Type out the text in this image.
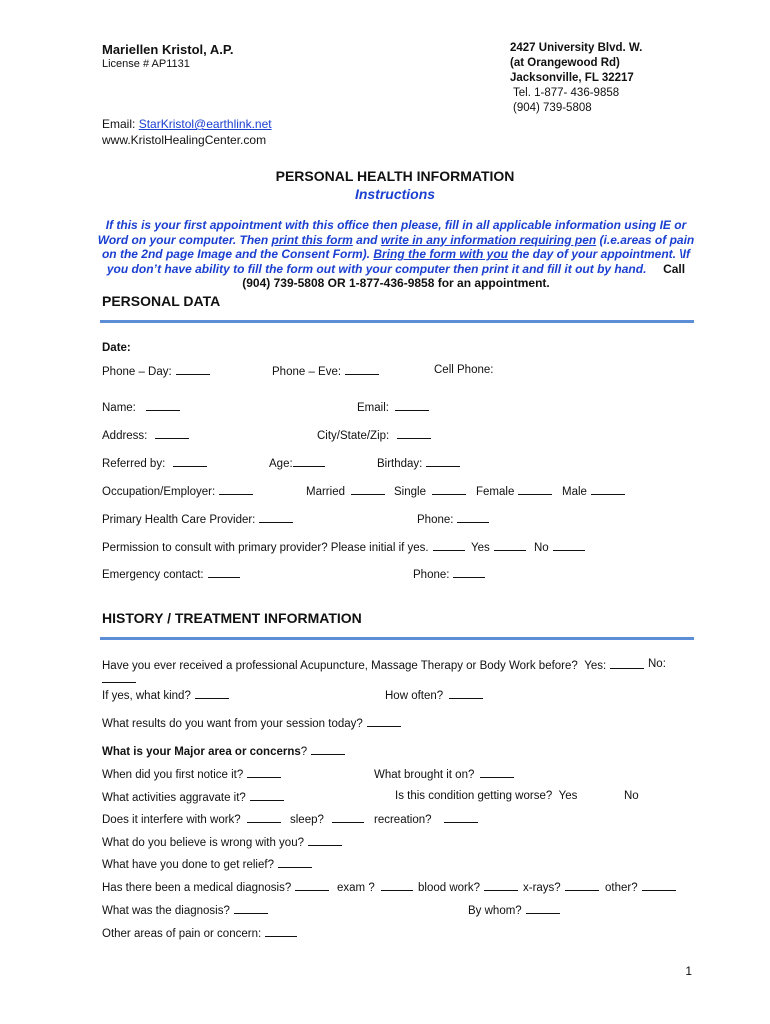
Mariellen Kristol, A.P.
License # AP1131
2427 University Blvd. W.
(at Orangewood Rd)
Jacksonville, FL 32217
Tel. 1-877- 436-9858
(904) 739-5808
Email: StarKristol@earthlink.net
www.KristolHealingCenter.com
PERSONAL HEALTH INFORMATION
Instructions
If this is your first appointment with this office then please, fill in all applicable information using IE or Word on your computer. Then print this form and write in any information requiring pen (i.e.areas of pain on the 2nd page Image and the Consent Form). Bring the form with you the day of your appointment. \If you don’t have ability to fill the form out with your computer then print it and fill it out by hand. Call (904) 739-5808 OR 1-877-436-9858 for an appointment.
PERSONAL DATA
Date:
Phone – Day:	Phone – Eve:	Cell Phone:
Name:	Email:
Address:	City/State/Zip:
Referred by:	Age:	Birthday:
Occupation/Employer:	Married	Single	Female	Male
Primary Health Care Provider:	Phone:
Permission to consult with primary provider? Please initial if yes.	Yes	No
Emergency contact:	Phone:
HISTORY / TREATMENT INFORMATION
Have you ever received a professional Acupuncture, Massage Therapy or Body Work before? Yes:	No:
If yes, what kind?	How often?
What results do you want from your session today?
What is your Major area or concerns?
When did you first notice it?	What brought it on?
What activities aggravate it?	Is this condition getting worse? Yes	No
Does it interfere with work?	sleep?	recreation?
What do you believe is wrong with you?
What have you done to get relief?
Has there been a medical diagnosis?	exam ?	blood work?	x-rays?	other?
What was the diagnosis?	By whom?
Other areas of pain or concern:
1
